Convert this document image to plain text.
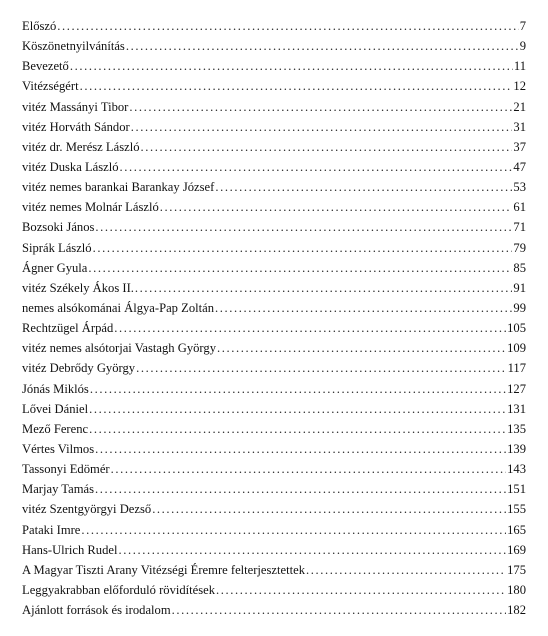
Előszó .....	7
Köszönetnyilvánítás .....	9
Bevezető .....	11
Vitézségért .....	12
vitéz Massányi Tibor .....	21
vitéz Horváth Sándor .....	31
vitéz dr. Merész László .....	37
vitéz Duska László .....	47
vitéz nemes barankai Barankay József .....	53
vitéz nemes Molnár László .....	61
Bozsoki János .....	71
Siprák László .....	79
Ágner Gyula .....	85
vitéz Székely Ákos II. .....	91
nemes alsókománai Álgya-Pap Zoltán .....	99
Rechtzügel Árpád .....	105
vitéz nemes alsótorjai Vastagh György .....	109
vitéz Debrődy György .....	117
Jónás Miklós .....	127
Lővei Dániel .....	131
Mező Ferenc .....	135
Vértes Vilmos .....	139
Tassonyi Edömér .....	143
Marjay Tamás .....	151
vitéz Szentgyörgyi Dezső .....	155
Pataki Imre .....	165
Hans-Ulrich Rudel .....	169
A Magyar Tiszti Arany Vitézségi Éremre felterjesztettek .....	175
Leggyakrabban előforduló rövidítések .....	180
Ajánlott források és irodalom .....	182
